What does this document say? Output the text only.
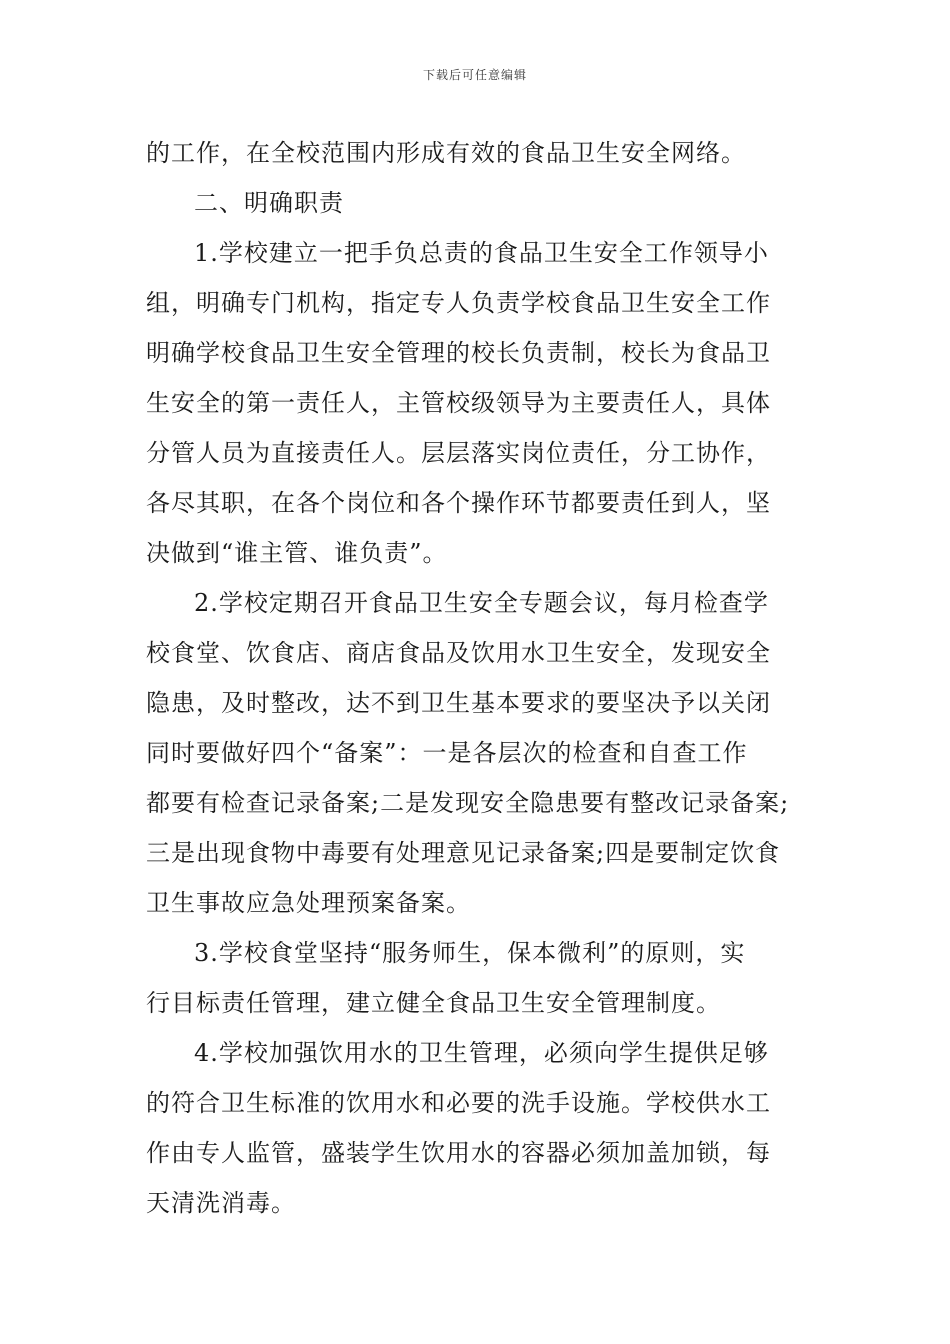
下载后可任意编辑
的工作，在全校范围内形成有效的食品卫生安全网络。
二、明确职责
1.学校建立一把手负总责的食品卫生安全工作领导小
组，明确专门机构，指定专人负责学校食品卫生安全工作
明确学校食品卫生安全管理的校长负责制，校长为食品卫
生安全的第一责任人，主管校级领导为主要责任人，具体
分管人员为直接责任人。层层落实岗位责任，分工协作，
各尽其职，在各个岗位和各个操作环节都要责任到人，坚
决做到“谁主管、谁负责”。
2.学校定期召开食品卫生安全专题会议，每月检查学
校食堂、饮食店、商店食品及饮用水卫生安全，发现安全
隐患，及时整改，达不到卫生基本要求的要坚决予以关闭
同时要做好四个“备案”：一是各层次的检查和自查工作
都要有检查记录备案;二是发现安全隐患要有整改记录备案;
三是出现食物中毒要有处理意见记录备案;四是要制定饮食
卫生事故应急处理预案备案。
3.学校食堂坚持“服务师生，保本微利”的原则，实
行目标责任管理，建立健全食品卫生安全管理制度。
4.学校加强饮用水的卫生管理，必须向学生提供足够
的符合卫生标准的饮用水和必要的洗手设施。学校供水工
作由专人监管，盛装学生饮用水的容器必须加盖加锁，每
天清洗消毒。
